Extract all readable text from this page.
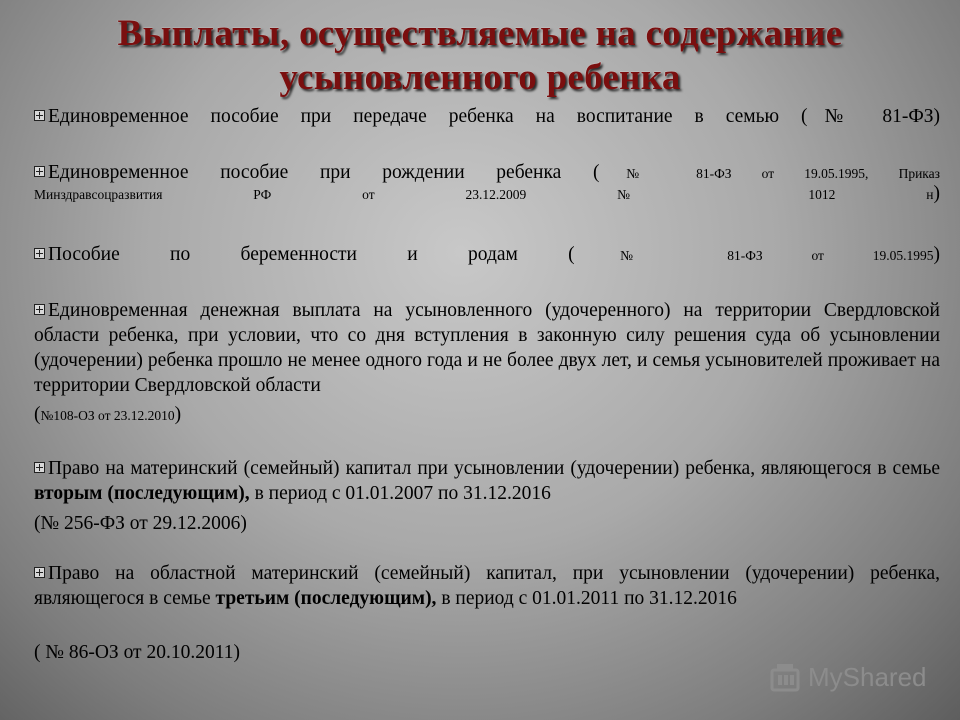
Выплаты, осуществляемые на содержание
усыновленного ребенка

Единовременное пособие при передаче ребенка на воспитание в семью (№ 81-ФЗ)

Единовременное пособие при рождении ребенка (№ 81-ФЗ от 19.05.1995, Приказ

Минздравсоцразвития РФ от 23.12.2009 № 1012 н)

Пособие по беременности и родам (№ 81-ФЗ от 19.05.1995)

Единовременная денежная выплата на усыновленного (удочеренного) на территории Свердловской области ребенка, при условии, что со дня вступления в законную силу решения суда об усыновлении (удочерении) ребенка прошло не менее одного года и не более двух лет, и семья усыновителей проживает на территории Свердловской области

(№108-ОЗ от 23.12.2010)

Право на материнский (семейный) капитал при усыновлении (удочерении) ребенка, являющегося в семье вторым (последующим), в период с 01.01.2007 по 31.12.2016

(№ 256-ФЗ от 29.12.2006)

Право на областной материнский (семейный) капитал, при усыновлении (удочерении) ребенка, являющегося в семье третьим (последующим), в период с 01.01.2011 по 31.12.2016

( № 86-ОЗ от 20.10.2011)

MyShared
